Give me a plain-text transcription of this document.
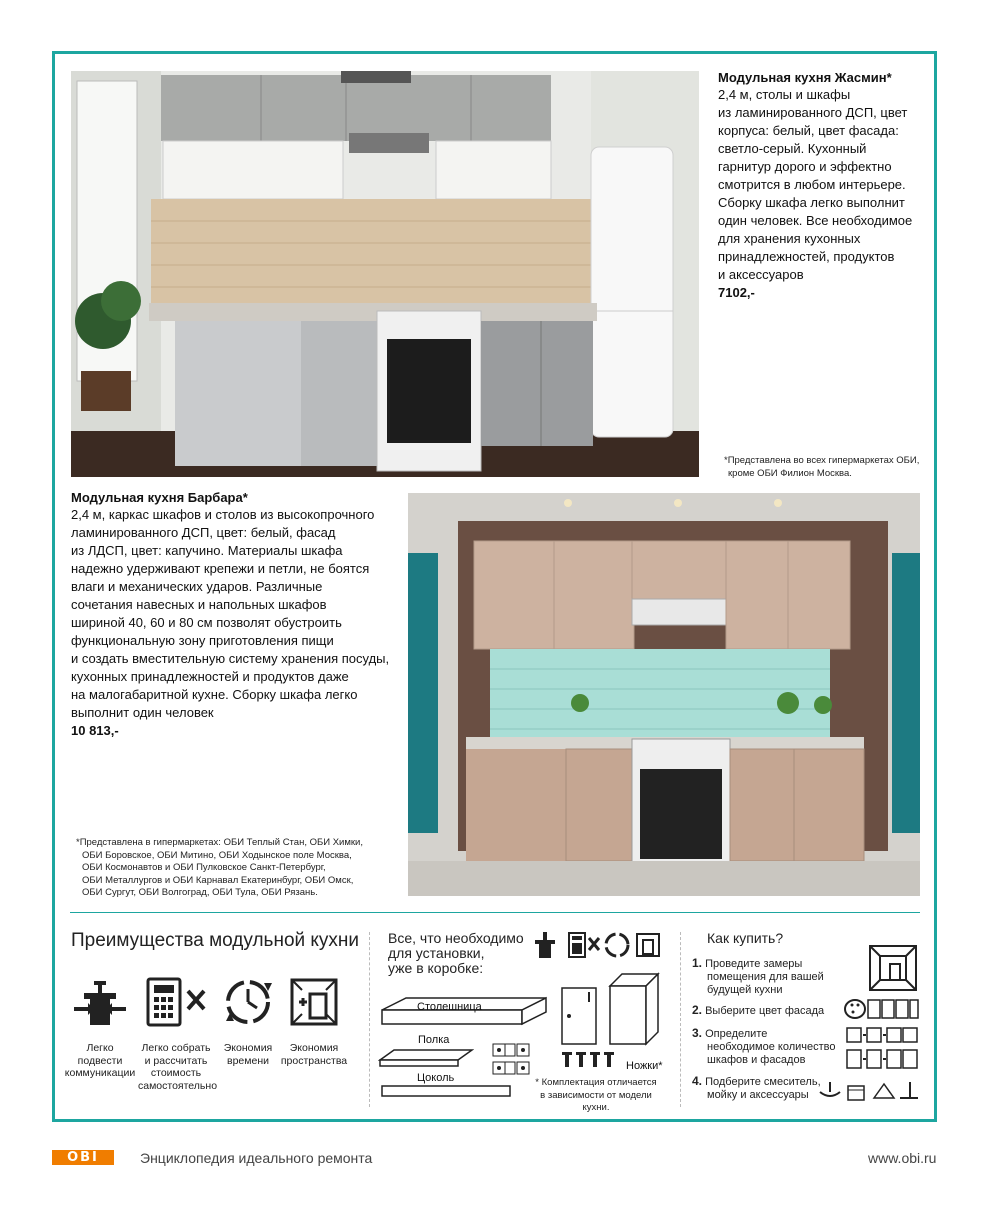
Модульная кухня Жасмин*
2,4 м, столы и шкафы
из ламинированного ДСП, цвет
корпуса: белый, цвет фасада:
светло-серый. Кухонный
гарнитур дорого и эффектно
смотрится в любом интерьере.
Сборку шкафа легко выполнит
один человек. Все необходимое
для хранения кухонных
принадлежностей, продуктов
и аксессуаров
7102,-
*Представлена во всех гипермаркетах ОБИ,
кроме ОБИ Филион Москва.
Модульная кухня Барбара*
2,4 м, каркас шкафов и столов из высокопрочного
ламинированного ДСП, цвет: белый, фасад
из ЛДСП, цвет: капучино. Материалы шкафа
надежно удерживают крепежи и петли, не боятся
влаги и механических ударов. Различные
сочетания навесных и напольных шкафов
шириной 40, 60 и 80 см позволят обустроить
функциональную зону приготовления пищи
и создать вместительную систему хранения посуды,
кухонных принадлежностей и продуктов даже
на малогабаритной кухне. Сборку шкафа легко
выполнит один человек
10 813,-
*Представлена в гипермаркетах: ОБИ Теплый Стан, ОБИ Химки,
ОБИ Боровское, ОБИ Митино, ОБИ Ходынское поле Москва,
ОБИ Космонавтов и ОБИ Пулковское Санкт-Петербург,
ОБИ Металлургов и ОБИ Карнавал Екатеринбург, ОБИ Омск,
ОБИ Сургут, ОБИ Волгоград, ОБИ Тула, ОБИ Рязань.
Преимущества модульной кухни
Легко
подвести
коммуникации
Легко собрать
и рассчитать
стоимость
самостоятельно
Экономия
времени
Экономия
пространства
Все, что необходимо
для установки,
уже в коробке:
Столешница
Полка
Цоколь
Ножки*
* Комплектация отличается
в зависимости от модели кухни.
Как купить?
1. Проведите замеры
помещения для вашей
будущей кухни
2. Выберите цвет фасада
3. Определите
необходимое количество
шкафов и фасадов
4. Подберите смеситель,
мойку и аксессуары
OBI	Энциклопедия идеального ремонта	www.obi.ru
